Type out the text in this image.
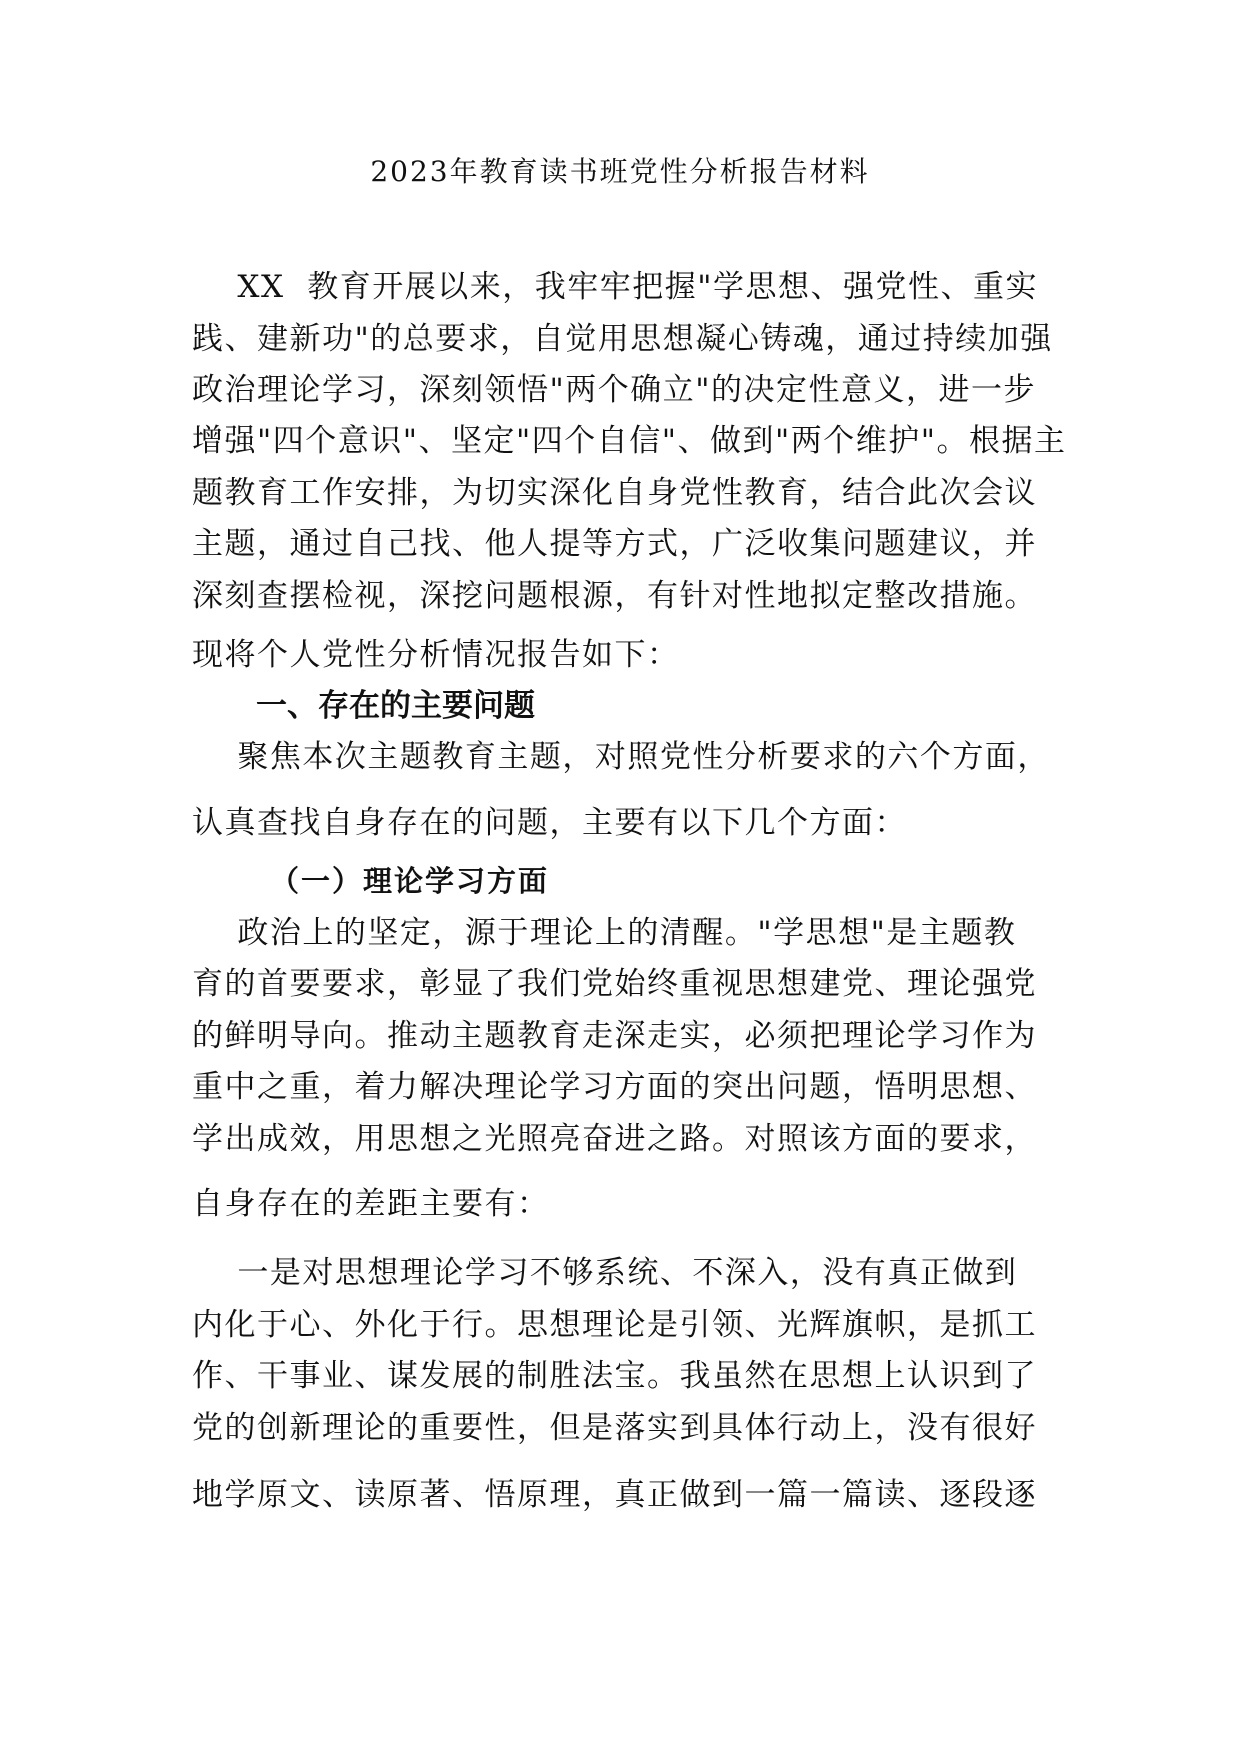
2023年教育读书班党性分析报告材料
XX  教育开展以来，我牢牢把握"学思想、强党性、重实
践、建新功"的总要求，自觉用思想凝心铸魂，通过持续加强
政治理论学习，深刻领悟"两个确立"的决定性意义，进一步
增强"四个意识"、坚定"四个自信"、做到"两个维护"。根据主
题教育工作安排，为切实深化自身党性教育，结合此次会议
主题，通过自己找、他人提等方式，广泛收集问题建议，并
深刻查摆检视，深挖问题根源，有针对性地拟定整改措施。
现将个人党性分析情况报告如下：
一、存在的主要问题
聚焦本次主题教育主题，对照党性分析要求的六个方面，
认真查找自身存在的问题，主要有以下几个方面：
（一）理论学习方面
政治上的坚定，源于理论上的清醒。"学思想"是主题教
育的首要要求，彰显了我们党始终重视思想建党、理论强党
的鲜明导向。推动主题教育走深走实，必须把理论学习作为
重中之重，着力解决理论学习方面的突出问题，悟明思想、
学出成效，用思想之光照亮奋进之路。对照该方面的要求，
自身存在的差距主要有：
一是对思想理论学习不够系统、不深入，没有真正做到
内化于心、外化于行。思想理论是引领、光辉旗帜，是抓工
作、干事业、谋发展的制胜法宝。我虽然在思想上认识到了
党的创新理论的重要性，但是落实到具体行动上，没有很好
地学原文、读原著、悟原理，真正做到一篇一篇读、逐段逐
